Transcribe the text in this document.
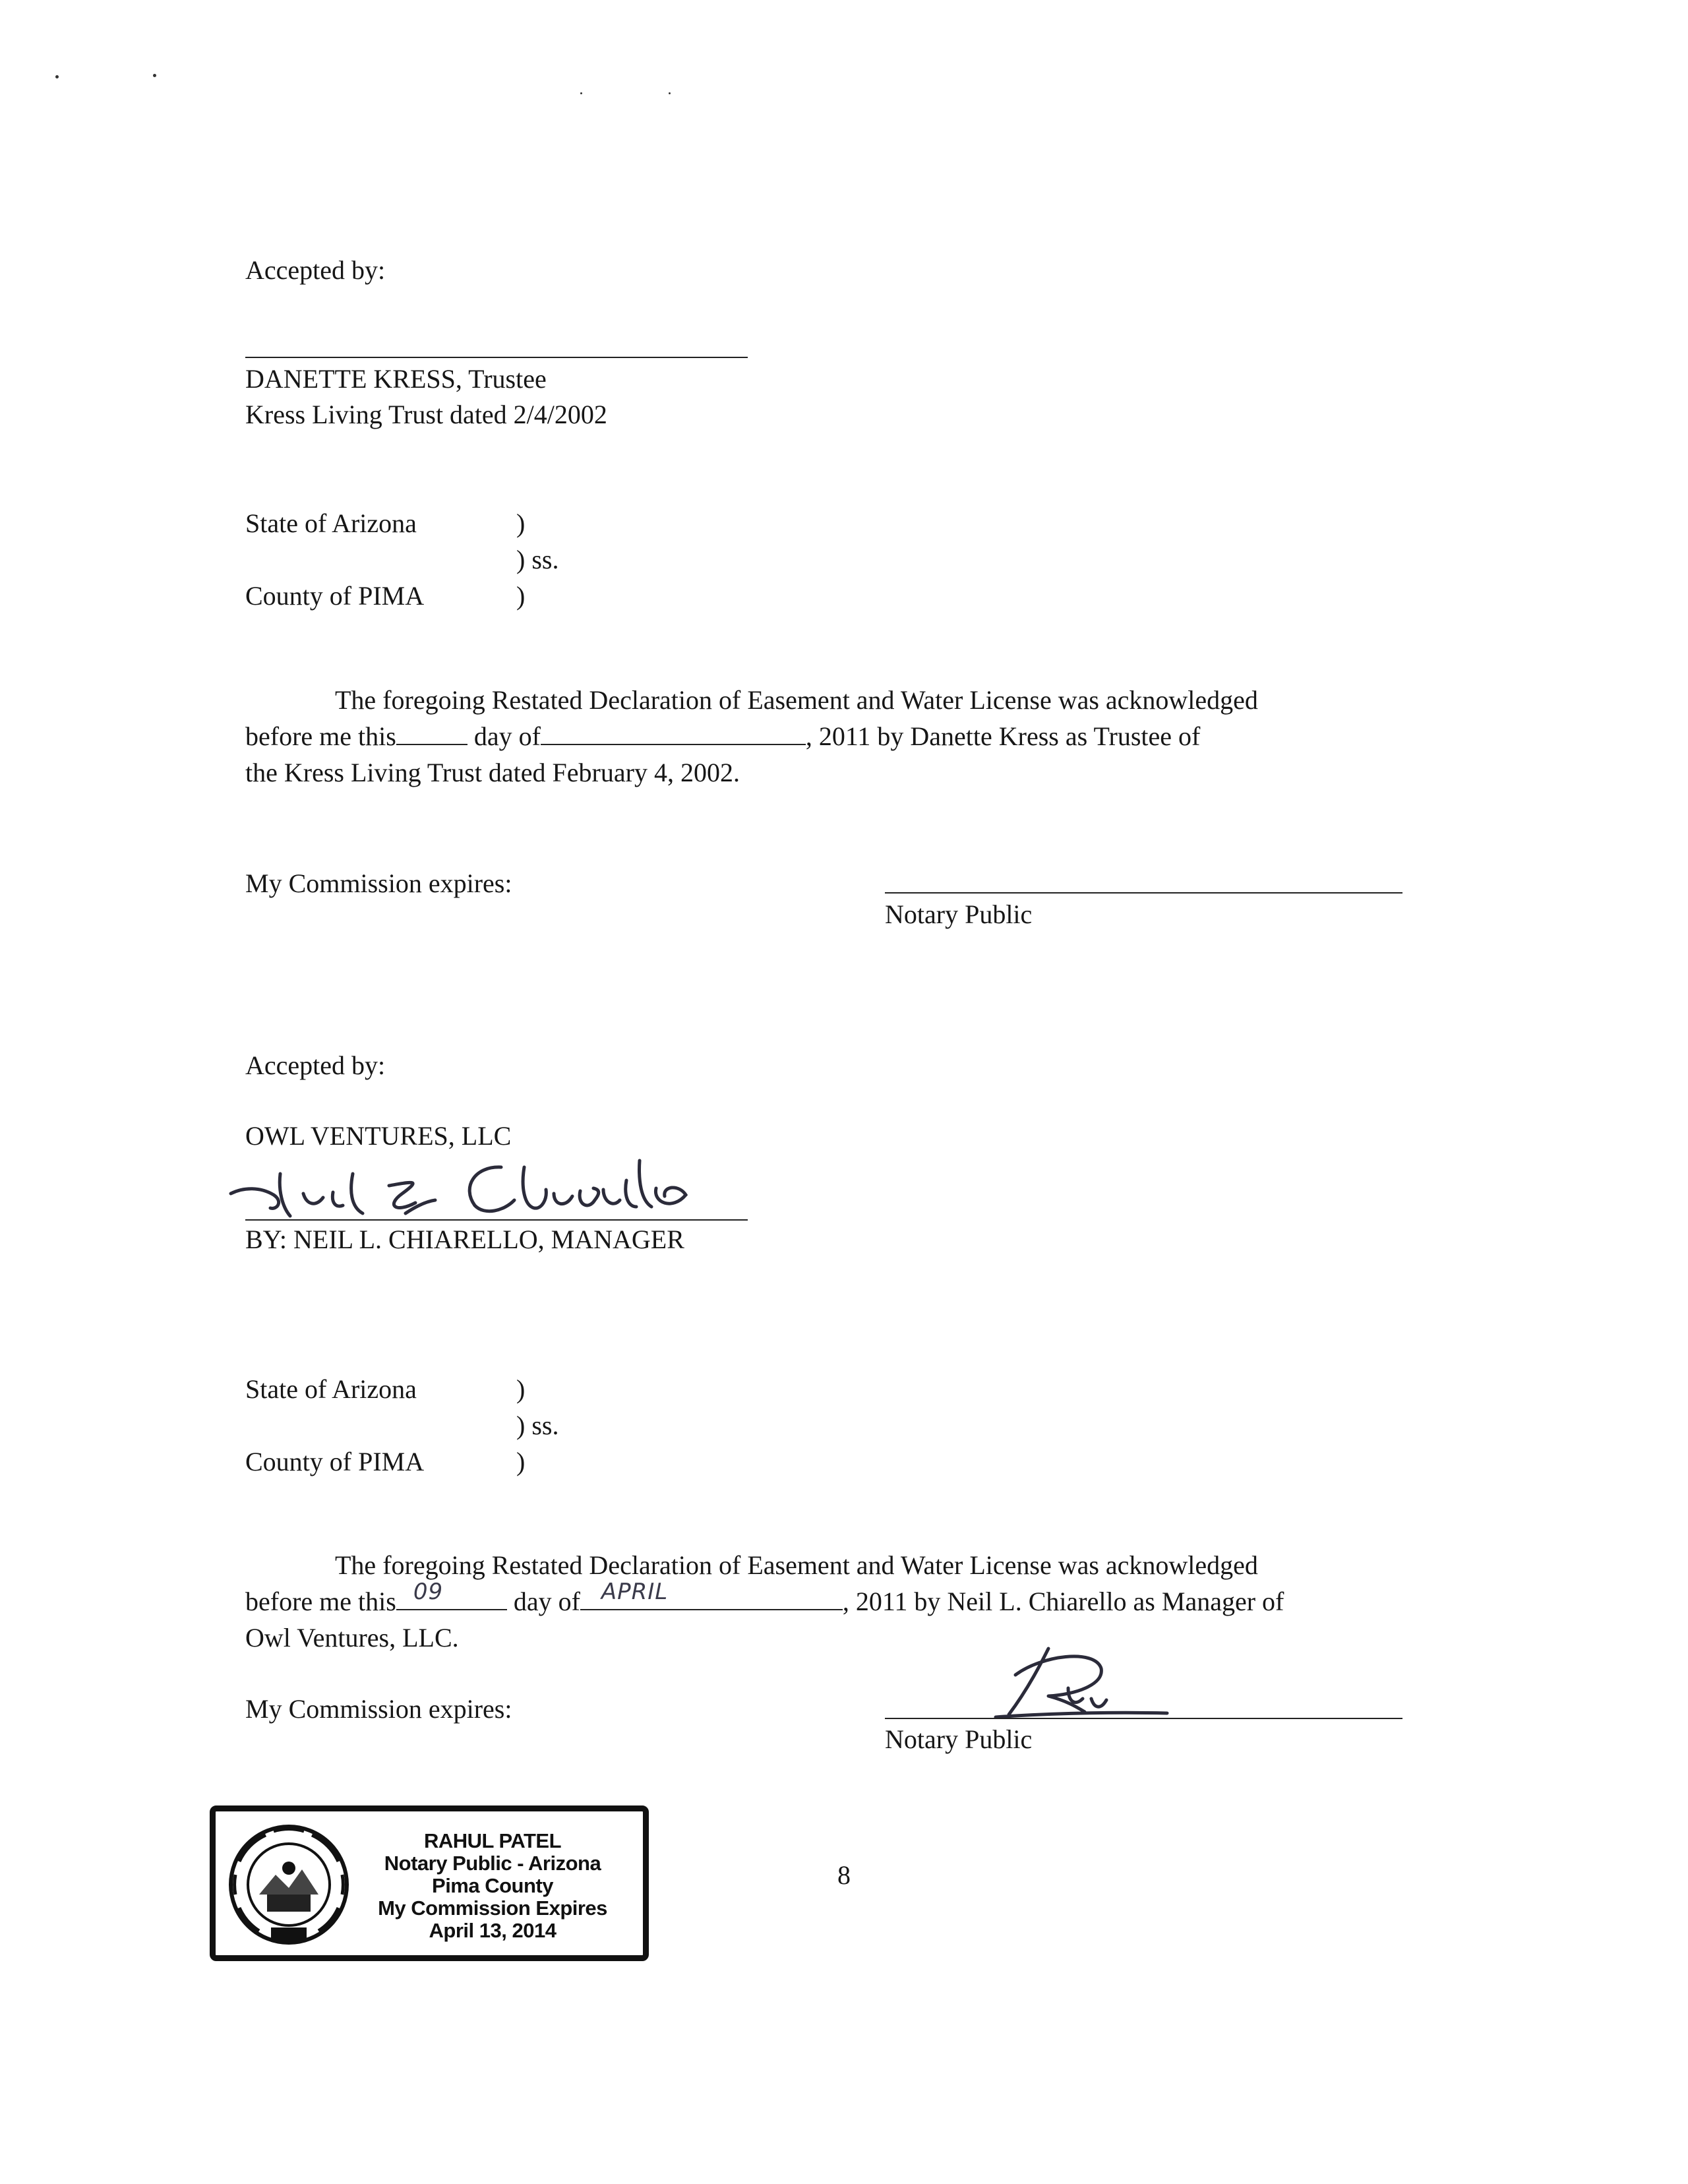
Accepted by:
DANETTE KRESS, Trustee
Kress Living Trust dated 2/4/2002
State of Arizona	)
) ss.
County of PIMA	)
The foregoing Restated Declaration of Easement and Water License was acknowledged
before me this	day of	, 2011 by Danette Kress as Trustee of
the Kress Living Trust dated February 4, 2002.
My Commission expires:
Notary Public
Accepted by:
OWL VENTURES, LLC
BY: NEIL L. CHIARELLO, MANAGER
State of Arizona	)
) ss.
County of PIMA	)
The foregoing Restated Declaration of Easement and Water License was acknowledged
before me this 09	day of APRIL	, 2011 by Neil L. Chiarello as Manager of
Owl Ventures, LLC.
My Commission expires:
Notary Public
RAHUL PATEL
Notary Public - Arizona
Pima County
My Commission Expires
April 13, 2014
8
